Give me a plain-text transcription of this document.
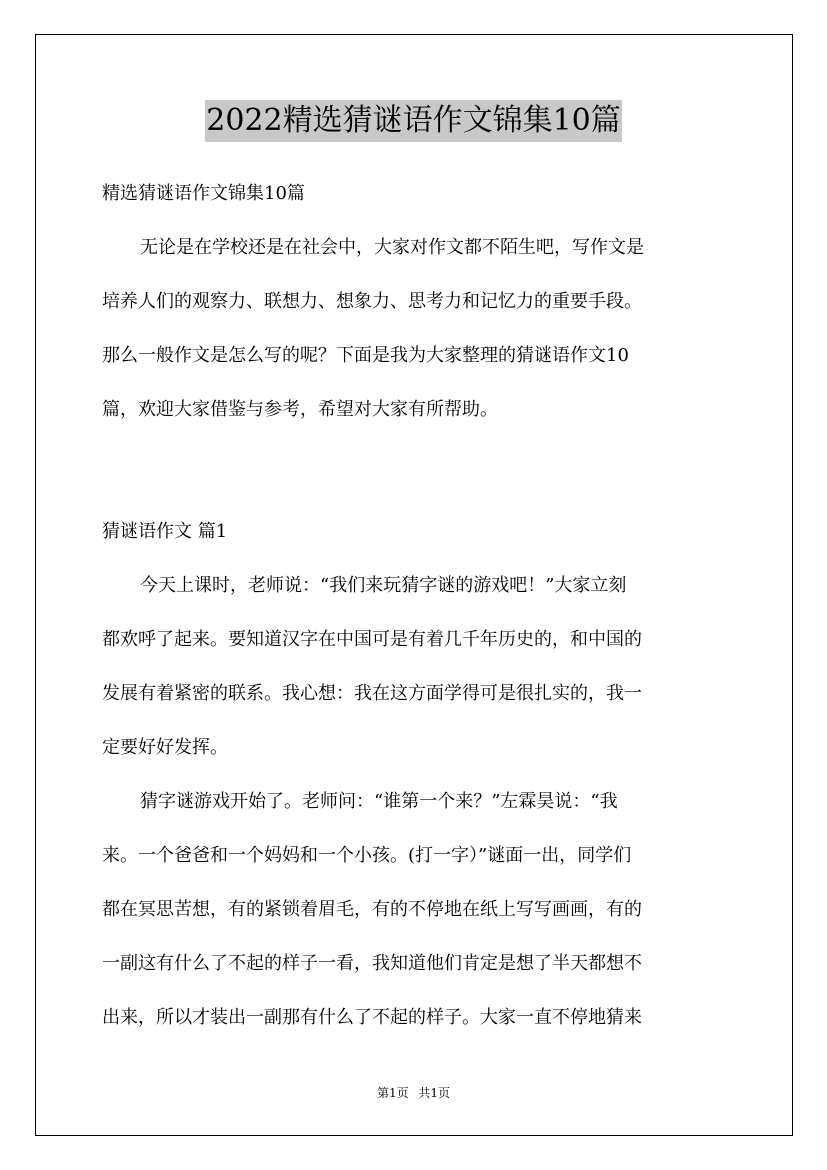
2022精选猜谜语作文锦集10篇
精选猜谜语作文锦集10篇
无论是在学校还是在社会中，大家对作文都不陌生吧，写作文是
培养人们的观察力、联想力、想象力、思考力和记忆力的重要手段。
那么一般作文是怎么写的呢？下面是我为大家整理的猜谜语作文10
篇，欢迎大家借鉴与参考，希望对大家有所帮助。
猜谜语作文 篇1
今天上课时，老师说：“我们来玩猜字谜的游戏吧！”大家立刻
都欢呼了起来。要知道汉字在中国可是有着几千年历史的，和中国的
发展有着紧密的联系。我心想：我在这方面学得可是很扎实的，我一
定要好好发挥。
猜字谜游戏开始了。老师问：“谁第一个来？”左霖昊说：“我
来。一个爸爸和一个妈妈和一个小孩。(打一字）”谜面一出，同学们
都在冥思苦想，有的紧锁着眉毛，有的不停地在纸上写写画画，有的
一副这有什么了不起的样子一看，我知道他们肯定是想了半天都想不
出来，所以才装出一副那有什么了不起的样子。大家一直不停地猜来
第1页 共1页
